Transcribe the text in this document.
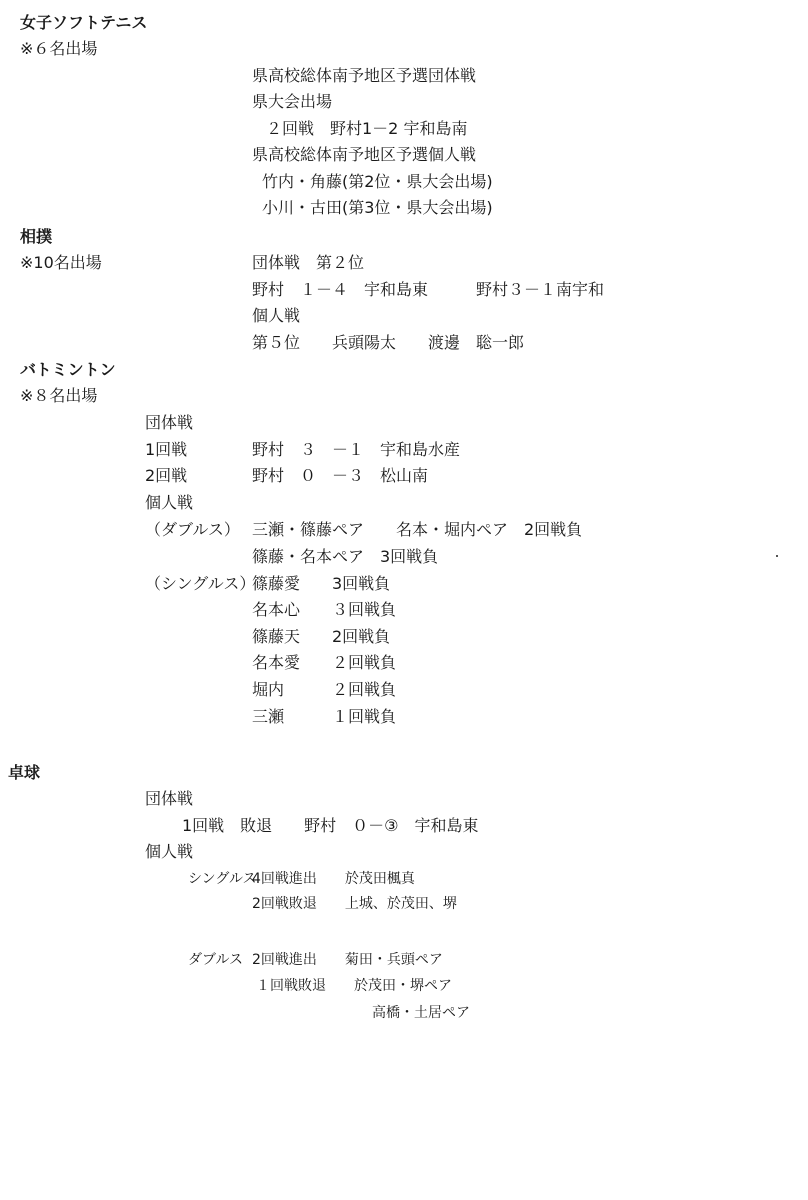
女子ソフトテニス
※６名出場
県高校総体南予地区予選団体戦
県大会出場
２回戦　野村1－2 宇和島南
県高校総体南予地区予選個人戦
竹内・角藤(第2位・県大会出場)
小川・古田(第3位・県大会出場)
相撲
※10名出場	団体戦　第２位
野村　１－４　宇和島東　　　野村３－１南宇和
個人戦
第５位　　兵頭陽太　　渡邊　聡一郎
バトミントン
※８名出場
団体戦
1回戦	野村　３　－１　宇和島水産
2回戦	野村　０　－３　松山南
個人戦
（ダブルス） 三瀬・篠藤ペア　　名本・堀内ペア　2回戦負
篠藤・名本ペア　3回戦負
（シングルス）
篠藤愛　　3回戦負
名本心　　３回戦負
篠藤天　　2回戦負
名本愛　　２回戦負
堀内　　　２回戦負
三瀬　　　１回戦負
卓球
団体戦
1回戦　敗退　　野村　０－③　宇和島東
個人戦
シングルス
4回戦進出　　於茂田楓真
2回戦敗退　　上城、於茂田、堺
ダブルス 2回戦進出　　菊田・兵頭ペア
１回戦敗退　　於茂田・堺ペア
高橋・土居ペア
